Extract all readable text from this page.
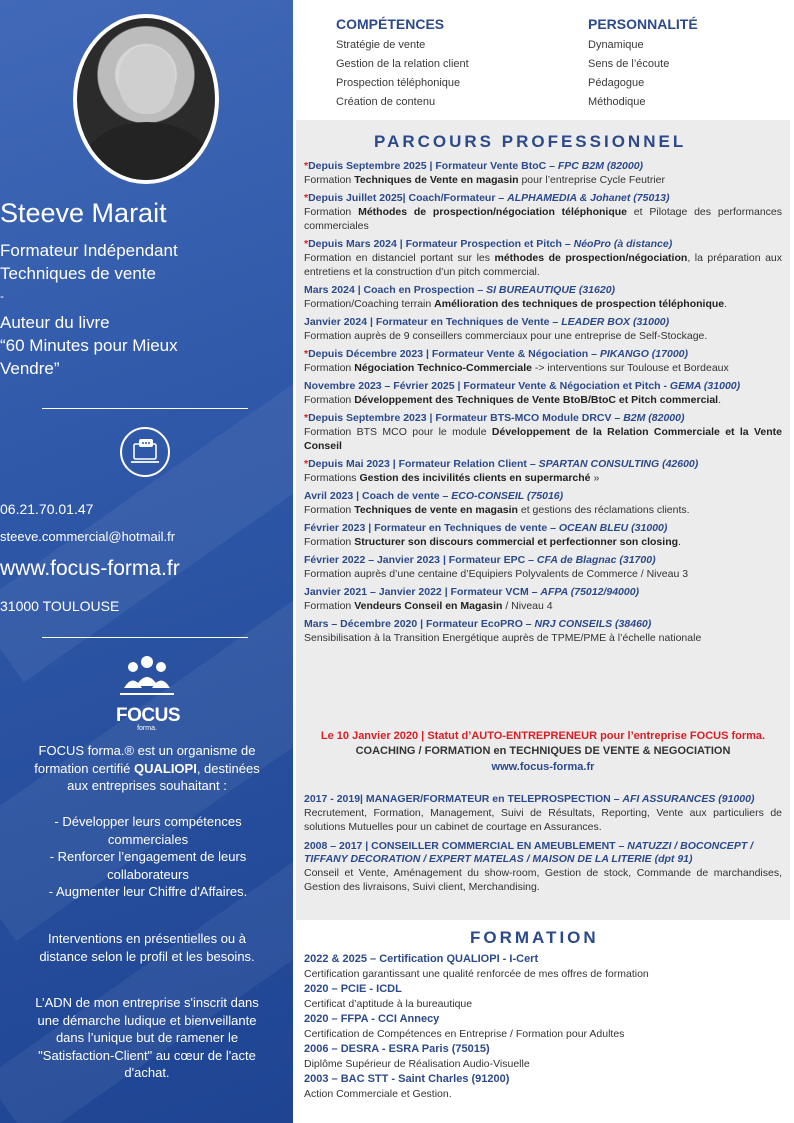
Steeve Marait
Formateur Indépendant
Techniques de vente
-
Auteur du livre
“60 Minutes pour Mieux
Vendre”
06.21.70.01.47
steeve.commercial@hotmail.fr
www.focus-forma.fr
31000 TOULOUSE
FOCUS
forma.
FOCUS forma.® est un organisme de formation certifié QUALIOPI, destinées aux entreprises souhaitant :
- Développer leurs compétences commerciales
- Renforcer l’engagement de leurs collaborateurs
- Augmenter leur Chiffre d'Affaires.
Interventions en présentielles ou à distance selon le profil et les besoins.
L’ADN de mon entreprise s'inscrit dans une démarche ludique et bienveillante dans l’unique but de ramener le "Satisfaction-Client" au cœur de l'acte d'achat.
COMPÉTENCES
Stratégie de vente
Gestion de la relation client
Prospection téléphonique
Création de contenu
PERSONNALITÉ
Dynamique
Sens de l’écoute
Pédagogue
Méthodique
PARCOURS PROFESSIONNEL
*Depuis Septembre 2025 | Formateur Vente BtoC – FPC B2M (82000)
Formation Techniques de Vente en magasin pour l’entreprise Cycle Feutrier
*Depuis Juillet 2025| Coach/Formateur – ALPHAMEDIA & Johanet (75013)
Formation Méthodes de prospection/négociation téléphonique et Pilotage des performances commerciales
*Depuis Mars 2024 | Formateur Prospection et Pitch – NéoPro (à distance)
Formation en distanciel portant sur les méthodes de prospection/négociation, la préparation aux entretiens et la construction d’un pitch commercial.
Mars 2024 | Coach en Prospection – SI BUREAUTIQUE (31620)
Formation/Coaching terrain Amélioration des techniques de prospection téléphonique.
Janvier 2024 | Formateur en Techniques de Vente – LEADER BOX (31000)
Formation auprès de 9 conseillers commerciaux pour une entreprise de Self-Stockage.
*Depuis Décembre 2023 | Formateur Vente & Négociation – PIKANGO (17000)
Formation Négociation Technico-Commerciale -> interventions sur Toulouse et Bordeaux
Novembre 2023 – Février 2025 | Formateur Vente & Négociation et Pitch - GEMA (31000)
Formation Développement des Techniques de Vente BtoB/BtoC et Pitch commercial.
*Depuis Septembre 2023 | Formateur BTS-MCO Module DRCV – B2M (82000)
Formation BTS MCO pour le module Développement de la Relation Commerciale et la Vente Conseil
*Depuis Mai 2023 | Formateur Relation Client – SPARTAN CONSULTING (42600)
Formations Gestion des incivilités clients en supermarché »
Avril 2023 | Coach de vente – ECO-CONSEIL (75016)
Formation Techniques de vente en magasin et gestions des réclamations clients.
Février 2023 | Formateur en Techniques de vente – OCEAN BLEU (31000)
Formation Structurer son discours commercial et perfectionner son closing.
Février 2022 – Janvier 2023 | Formateur EPC – CFA de Blagnac (31700)
Formation auprès d’une centaine d’Equipiers Polyvalents de Commerce / Niveau 3
Janvier 2021 – Janvier 2022 | Formateur VCM – AFPA (75012/94000)
Formation Vendeurs Conseil en Magasin / Niveau 4
Mars – Décembre 2020 | Formateur EcoPRO – NRJ CONSEILS (38460)
Sensibilisation à la Transition Energétique auprès de TPME/PME à l’échelle nationale
Le 10 Janvier 2020 | Statut d’AUTO-ENTREPRENEUR pour l’entreprise FOCUS forma.
COACHING / FORMATION en TECHNIQUES DE VENTE & NEGOCIATION
www.focus-forma.fr
2017 - 2019| MANAGER/FORMATEUR en TELEPROSPECTION – AFI ASSURANCES (91000)
Recrutement, Formation, Management, Suivi de Résultats, Reporting, Vente aux particuliers de solutions Mutuelles pour un cabinet de courtage en Assurances.
2008 – 2017 | CONSEILLER COMMERCIAL EN AMEUBLEMENT – NATUZZI / BOCONCEPT / TIFFANY DECORATION / EXPERT MATELAS / MAISON DE LA LITERIE (dpt 91)
Conseil et Vente, Aménagement du show-room, Gestion de stock, Commande de marchandises, Gestion des livraisons, Suivi client, Merchandising.
FORMATION
2022 & 2025 – Certification QUALIOPI - I-Cert
Certification garantissant une qualité renforcée de mes offres de formation
2020 – PCIE - ICDL
Certificat d’aptitude à la bureautique
2020 – FFPA - CCI Annecy
Certification de Compétences en Entreprise / Formation pour Adultes
2006 – DESRA - ESRA Paris (75015)
Diplôme Supérieur de Réalisation Audio-Visuelle
2003 – BAC STT - Saint Charles (91200)
Action Commerciale et Gestion.
